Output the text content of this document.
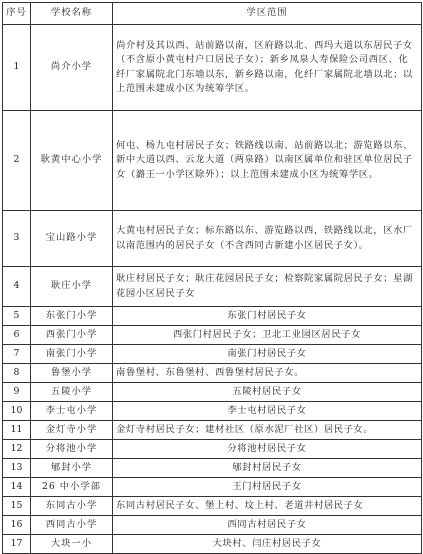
序号	学校名称	学区范围
1	尚介小学	尚介村及其以西、站前路以南，区府路以北、西玛大道以东居民子女（不含原小黄屯村户口居民子女）；新乡凤泉人寿保险公司西区、化纤厂家属院北门东墙以东，新乡路以南，化纤厂家属院北墙以北；以上范围未建成小区为统筹学区。
2	耿黄中心小学	何屯、杨九屯村居民子女；铁路线以南、站前路以北；游览路以东、新中大道以西、云龙大道（两泉路）以南区属单位和驻区单位居民子女（潞王一小学区除外）；以上范围未建成小区为统筹学区。
3	宝山路小学	大黄屯村居民子女；标东路以东、游览路以西，铁路线以北，区水厂以南范围内的居民子女（不含西同古新建小区居民子女）。
4	耿庄小学	耿庄村居民子女；耿庄花园居民子女；检察院家属院居民子女；星湖花园小区居民子女
5	东张门小学	东张门村居民子女
6	西张门小学	西张门村居民子女；卫北工业园区居民子女
7	南张门小学	南张门村居民子女
8	鲁堡小学	南鲁堡村、东鲁堡村、西鲁堡村居民子女。
9	五陵小学	五陵村居民子女
10	李士屯小学	李士屯村居民子女
11	金灯寺小学	金灯寺村居民子女；建材社区（原水泥厂社区）居民子女。
12	分将池小学	分将池村居民子女
13	郇封小学	郇封村居民子女
14	26 中小学部	王门村居民子女
15	东同古小学	东同古村居民子女、堡上村、坟上村、老道井村居民子女
16	西同古小学	西同古村居民子女
17	大块一小	大块村、闫庄村居民子女
